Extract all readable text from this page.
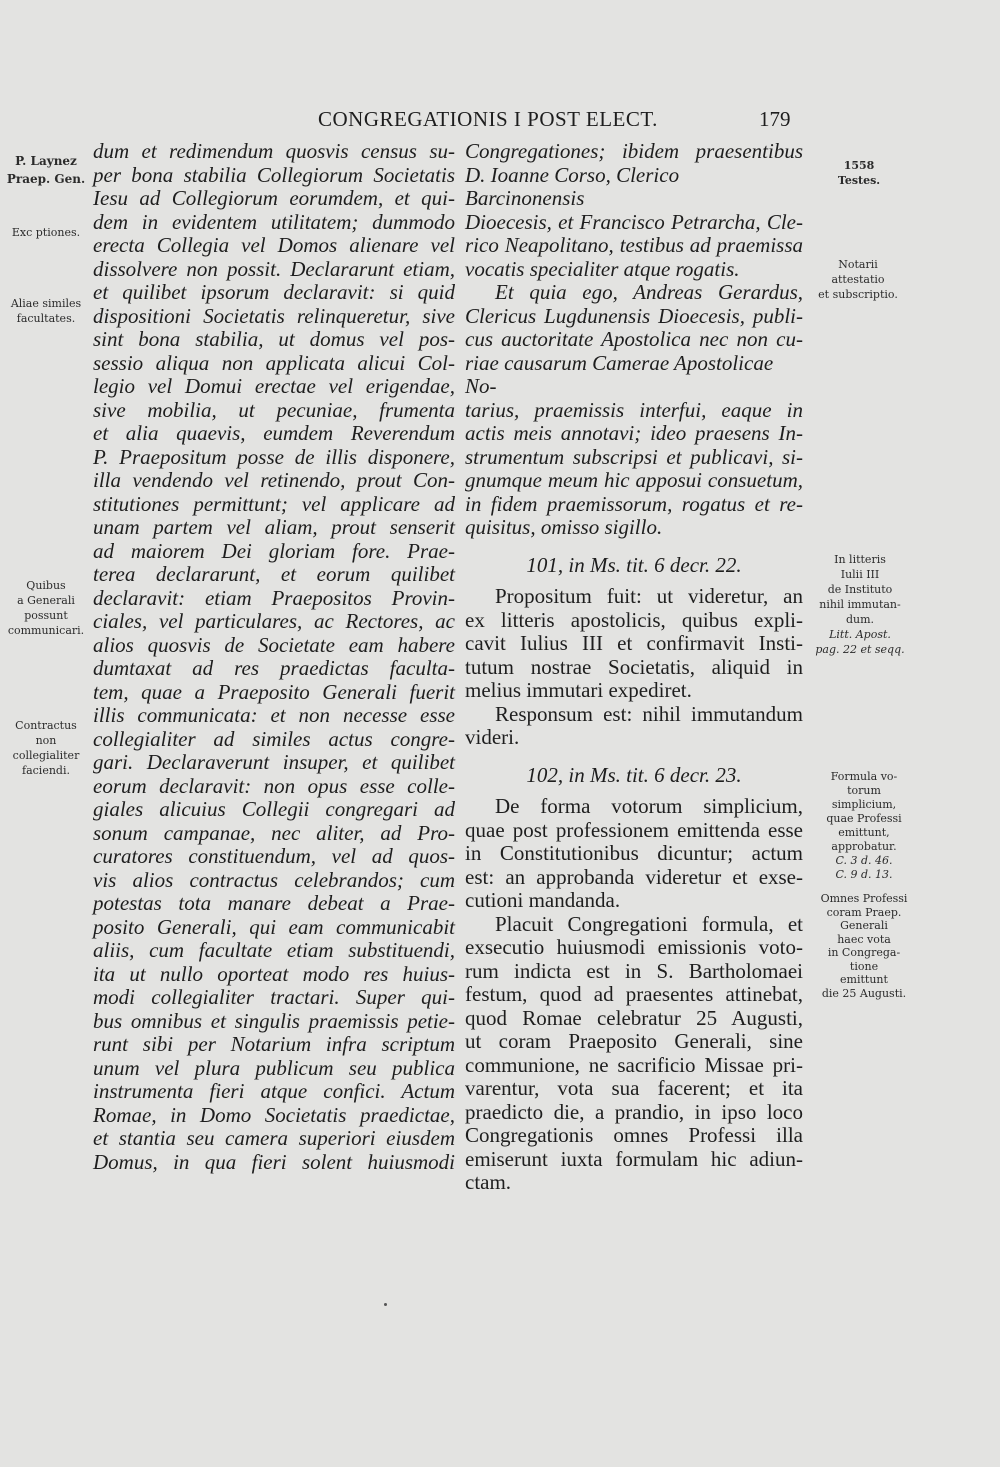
CONGREGATIONIS I POST ELECT.	179
P. Laynez
Praep. Gen.
Exc ptiones.
Aliae similes
facultates.
Quibus
a Generali
possunt
communicari.
Contractus
non
collegialiter
faciendi.
dum et redimendum quosvis census su-
per bona stabilia Collegiorum Societatis
Iesu ad Collegiorum eorumdem, et qui-
dem in evidentem utilitatem; dummodo
erecta Collegia vel Domos alienare vel
dissolvere non possit. Declararunt etiam,
et quilibet ipsorum declaravit: si quid
dispositioni Societatis relinqueretur, sive
sint bona stabilia, ut domus vel pos-
sessio aliqua non applicata alicui Col-
legio vel Domui erectae vel erigendae,
sive mobilia, ut pecuniae, frumenta
et alia quaevis, eumdem Reverendum
P. Praepositum posse de illis disponere,
illa vendendo vel retinendo, prout Con-
stitutiones permittunt; vel applicare ad
unam partem vel aliam, prout senserit
ad maiorem Dei gloriam fore. Prae-
terea declararunt, et eorum quilibet
declaravit: etiam Praepositos Provin-
ciales, vel particulares, ac Rectores, ac
alios quosvis de Societate eam habere
dumtaxat ad res praedictas faculta-
tem, quae a Praeposito Generali fuerit
illis communicata: et non necesse esse
collegialiter ad similes actus congre-
gari. Declaraverunt insuper, et quilibet
eorum declaravit: non opus esse colle-
giales alicuius Collegii congregari ad
sonum campanae, nec aliter, ad Pro-
curatores constituendum, vel ad quos-
vis alios contractus celebrandos; cum
potestas tota manare debeat a Prae-
posito Generali, qui eam communicabit
aliis, cum facultate etiam substituendi,
ita ut nullo oporteat modo res huius-
modi collegialiter tractari. Super qui-
bus omnibus et singulis praemissis petie-
runt sibi per Notarium infra scriptum
unum vel plura publicum seu publica
instrumenta fieri atque confici. Actum
Romae, in Domo Societatis praedictae,
et stantia seu camera superiori eiusdem
Domus, in qua fieri solent huiusmodi
Congregationes; ibidem praesentibus
D. Ioanne Corso, Clerico Barcinonensis
Dioecesis, et Francisco Petrarcha, Cle-
rico Neapolitano, testibus ad praemissa
vocatis specialiter atque rogatis.
Et quia ego, Andreas Gerardus,
Clericus Lugdunensis Dioecesis, publi-
cus auctoritate Apostolica nec non cu-
riae causarum Camerae Apostolicae No-
tarius, praemissis interfui, eaque in
actis meis annotavi; ideo praesens In-
strumentum subscripsi et publicavi, si-
gnumque meum hic apposui consuetum,
in fidem praemissorum, rogatus et re-
quisitus, omisso sigillo.
101, in Ms. tit. 6 decr. 22.
Propositum fuit: ut videretur, an
ex litteris apostolicis, quibus expli-
cavit Iulius III et confirmavit Insti-
tutum nostrae Societatis, aliquid in
melius immutari expediret.
Responsum est: nihil immutandum
videri.
102, in Ms. tit. 6 decr. 23.
De forma votorum simplicium,
quae post professionem emittenda esse
in Constitutionibus dicuntur; actum
est: an approbanda videretur et exse-
cutioni mandanda.
Placuit Congregationi formula, et
exsecutio huiusmodi emissionis voto-
rum indicta est in S. Bartholomaei
festum, quod ad praesentes attinebat,
quod Romae celebratur 25 Augusti,
ut coram Praeposito Generali, sine
communione, ne sacrificio Missae pri-
varentur, vota sua facerent; et ita
praedicto die, a prandio, in ipso loco
Congregationis omnes Professi illa
emiserunt iuxta formulam hic adiun-
ctam.
1558
Testes.
Notarii
attestatio
et subscriptio.
In litteris
Iulii III
de Instituto
nihil immutan-
dum.
Litt. Apost.
pag. 22 et seqq.
Formula vo-
torum
simplicium,
quae Professi
emittunt,
approbatur.
C. 3 d. 46.
C. 9 d. 13.
Omnes Professi
coram Praep.
Generali
haec vota
in Congrega-
tione
emittunt
die 25 Augusti.
